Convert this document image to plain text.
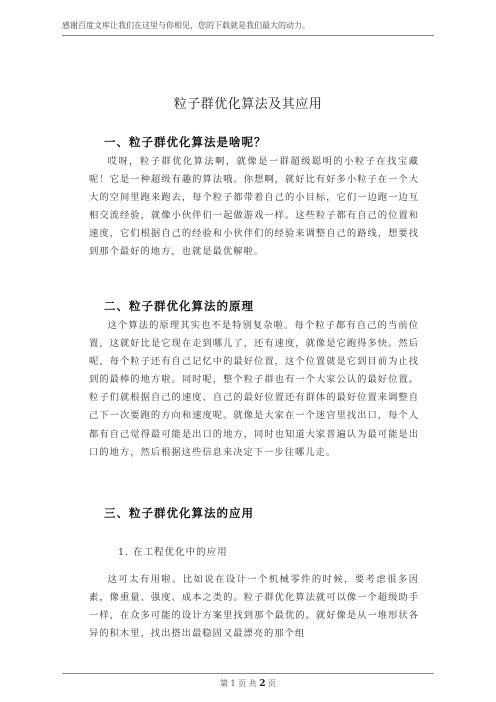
感谢百度文库让我们在这里与你相见，您的下载就是我们最大的动力。
粒子群优化算法及其应用
一、粒子群优化算法是啥呢？

哎呀，粒子群优化算法啊，就像是一群超级聪明的小粒子在找宝藏呢！它是一种超级有趣的算法哦。你想啊，就好比有好多小粒子在一个大大的空间里跑来跑去，每个粒子都带着自己的小目标，它们一边跑一边互相交流经验，就像小伙伴们一起做游戏一样。这些粒子都有自己的位置和速度，它们根据自己的经验和小伙伴们的经验来调整自己的路线，想要找到那个最好的地方，也就是最优解啦。

二、粒子群优化算法的原理

这个算法的原理其实也不是特别复杂啦。每个粒子都有自己的当前位置，这就好比是它现在走到哪儿了，还有速度，就像是它跑得多快。然后呢，每个粒子还有自己记忆中的最好位置，这个位置就是它到目前为止找到的最棒的地方啦。同时呢，整个粒子群也有一个大家公认的最好位置。粒子们就根据自己的速度、自己的最好位置还有群体的最好位置来调整自己下一次要跑的方向和速度呢。就像是大家在一个迷宫里找出口，每个人都有自己觉得最可能是出口的地方，同时也知道大家普遍认为最可能是出口的地方，然后根据这些信息来决定下一步往哪儿走。

三、粒子群优化算法的应用
1. 在工程优化中的应用

这可太有用啦。比如说在设计一个机械零件的时候，要考虑很多因素，像重量、强度、成本之类的。粒子群优化算法就可以像一个超级助手一样，在众多可能的设计方案里找到那个最优的。就好像是从一堆形状各异的积木里，找出搭出最稳固又最漂亮的那个组

第 1 页 共 2 页
